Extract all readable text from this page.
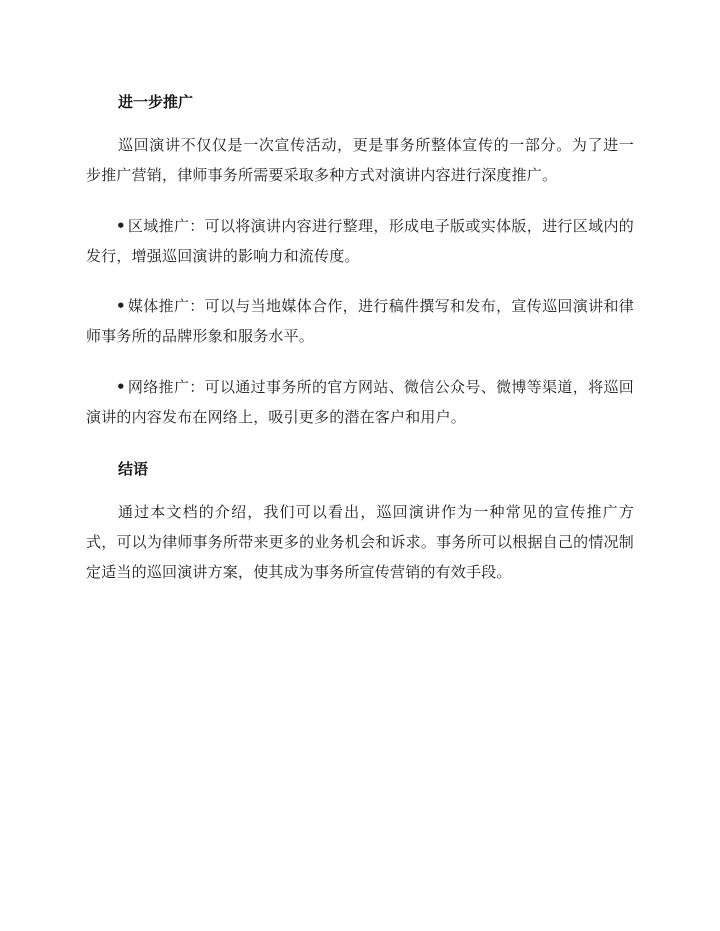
进一步推广
巡回演讲不仅仅是一次宣传活动，更是事务所整体宣传的一部分。为了进一步推广营销，律师事务所需要采取多种方式对演讲内容进行深度推广。
• 区域推广：可以将演讲内容进行整理，形成电子版或实体版，进行区域内的发行，增强巡回演讲的影响力和流传度。
• 媒体推广：可以与当地媒体合作，进行稿件撰写和发布，宣传巡回演讲和律师事务所的品牌形象和服务水平。
• 网络推广：可以通过事务所的官方网站、微信公众号、微博等渠道，将巡回演讲的内容发布在网络上，吸引更多的潜在客户和用户。
结语
通过本文档的介绍，我们可以看出，巡回演讲作为一种常见的宣传推广方式，可以为律师事务所带来更多的业务机会和诉求。事务所可以根据自己的情况制定适当的巡回演讲方案，使其成为事务所宣传营销的有效手段。
